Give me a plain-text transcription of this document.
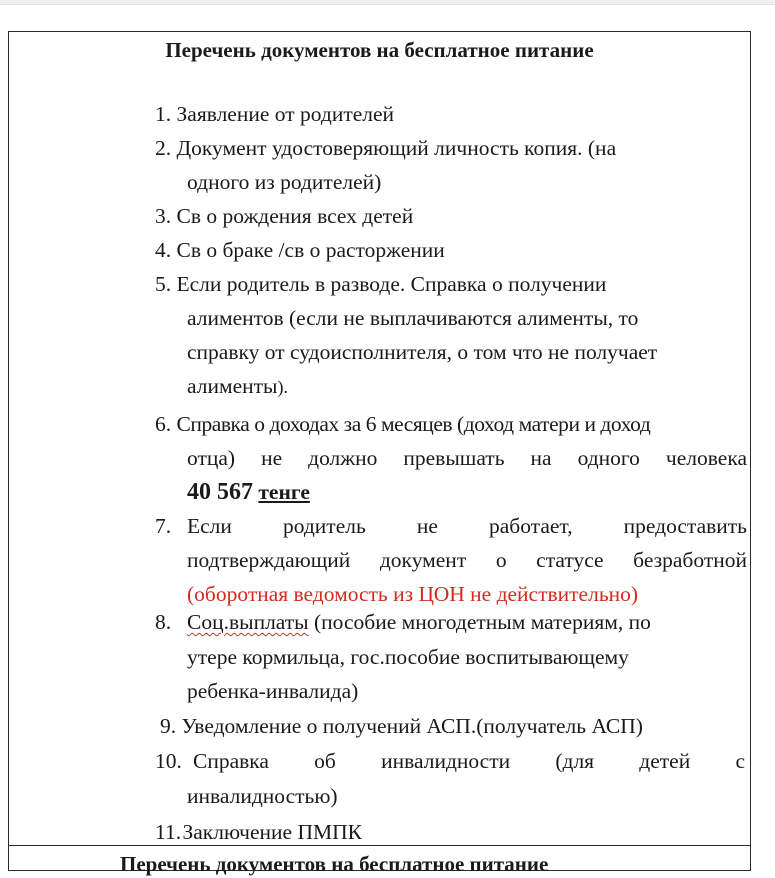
Перечень документов на бесплатное питание
1. Заявление от родителей
2. Документ удостоверяющий личность копия. (на
одного из родителей)
3. Св о рождения всех детей
4. Св о браке /св о расторжении
5. Если родитель в разводе. Справка о получении
алиментов (если не выплачиваются алименты, то
справку от судоисполнителя, о том что не получает
алименты).
6. Справка о доходах за 6 месяцев (доход матери и доход
отца) не должно превышать на одного человека
40 567 тенге
7. Если родитель не работает, предоставить
подтверждающий документ о статусе безработной
(оборотная ведомость из ЦОН не действительно)
8. Соц.выплаты (пособие многодетным материям, по
утере кормильца, гос.пособие воспитывающему
ребенка-инвалида)
9. Уведомление о получений АСП.(получатель АСП)
10. Справка об инвалидности (для детей с
инвалидностью)
11. Заключение ПМПК
Перечень документов на бесплатное питание
